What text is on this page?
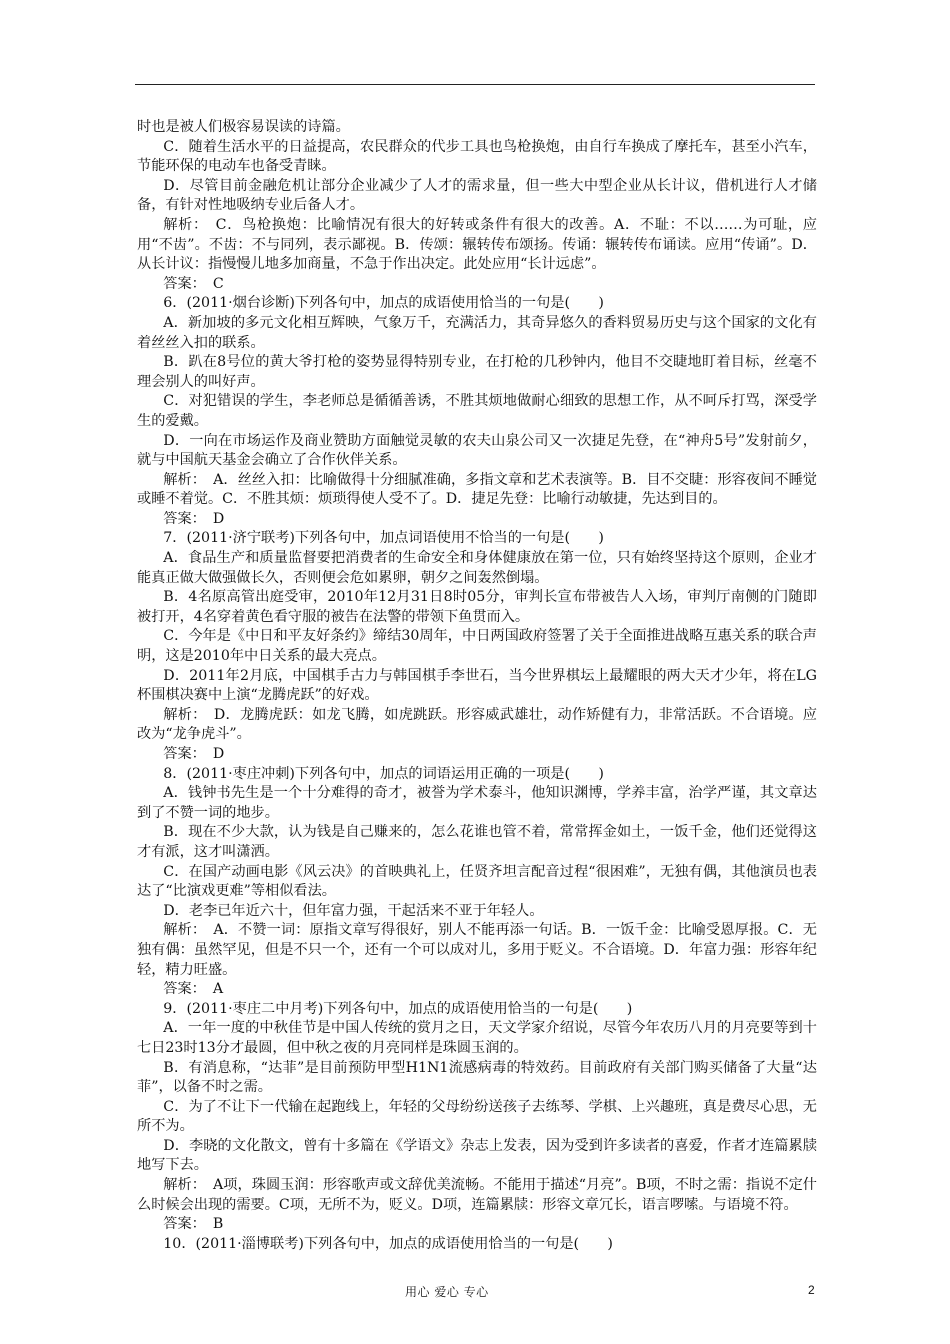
时也是被人们极容易误读的诗篇。

C．随着生活水平的日益提高，农民群众的代步工具也鸟枪换炮，由自行车换成了摩托车，甚至小汽车，节能环保的电动车也备受青睐。

D．尽管目前金融危机让部分企业减少了人才的需求量，但一些大中型企业从长计议，借机进行人才储备，有针对性地吸纳专业后备人才。

解析：　C．鸟枪换炮：比喻情况有很大的好转或条件有很大的改善。A．不耻：不以……为可耻，应用“不齿”。不齿：不与同列，表示鄙视。B．传颂：辗转传布颂扬。传诵：辗转传布诵读。应用“传诵”。D．从长计议：指慢慢儿地多加商量，不急于作出决定。此处应用“长计远虑”。

答案：　C

6．(2011·烟台诊断)下列各句中，加点的成语使用恰当的一句是(　　)

A．新加坡的多元文化相互辉映，气象万千，充满活力，其奇异悠久的香料贸易历史与这个国家的文化有着丝丝入扣的联系。

B．趴在8号位的黄大爷打枪的姿势显得特别专业，在打枪的几秒钟内，他目不交睫地盯着目标，丝毫不理会别人的叫好声。

C．对犯错误的学生，李老师总是循循善诱，不胜其烦地做耐心细致的思想工作，从不呵斥打骂，深受学生的爱戴。

D．一向在市场运作及商业赞助方面触觉灵敏的农夫山泉公司又一次捷足先登，在“神舟5号”发射前夕，就与中国航天基金会确立了合作伙伴关系。

解析：　A．丝丝入扣：比喻做得十分细腻准确，多指文章和艺术表演等。B．目不交睫：形容夜间不睡觉或睡不着觉。C．不胜其烦：烦琐得使人受不了。D．捷足先登：比喻行动敏捷，先达到目的。

答案：　D

7．(2011·济宁联考)下列各句中，加点词语使用不恰当的一句是(　　)

A．食品生产和质量监督要把消费者的生命安全和身体健康放在第一位，只有始终坚持这个原则，企业才能真正做大做强做长久，否则便会危如累卵，朝夕之间轰然倒塌。

B．4名原高管出庭受审，2010年12月31日8时05分，审判长宣布带被告人入场，审判厅南侧的门随即被打开，4名穿着黄色看守服的被告在法警的带领下鱼贯而入。

C．今年是《中日和平友好条约》缔结30周年，中日两国政府签署了关于全面推进战略互惠关系的联合声明，这是2010年中日关系的最大亮点。

D．2011年2月底，中国棋手古力与韩国棋手李世石，当今世界棋坛上最耀眼的两大天才少年，将在LG杯围棋决赛中上演“龙腾虎跃”的好戏。

解析：　D．龙腾虎跃：如龙飞腾，如虎跳跃。形容威武雄壮，动作矫健有力，非常活跃。不合语境。应改为“龙争虎斗”。

答案：　D

8．(2011·枣庄冲刺)下列各句中，加点的词语运用正确的一项是(　　)

A．钱钟书先生是一个十分难得的奇才，被誉为学术泰斗，他知识渊博，学养丰富，治学严谨，其文章达到了不赞一词的地步。

B．现在不少大款，认为钱是自己赚来的，怎么花谁也管不着，常常挥金如土，一饭千金，他们还觉得这才有派，这才叫潇洒。

C．在国产动画电影《风云决》的首映典礼上，任贤齐坦言配音过程“很困难”，无独有偶，其他演员也表达了“比演戏更难”等相似看法。

D．老李已年近六十，但年富力强，干起活来不亚于年轻人。

解析：　A．不赞一词：原指文章写得很好，别人不能再添一句话。B．一饭千金：比喻受恩厚报。C．无独有偶：虽然罕见，但是不只一个，还有一个可以成对儿，多用于贬义。不合语境。D．年富力强：形容年纪轻，精力旺盛。

答案：　A

9．(2011·枣庄二中月考)下列各句中，加点的成语使用恰当的一句是(　　)

A．一年一度的中秋佳节是中国人传统的赏月之日，天文学家介绍说，尽管今年农历八月的月亮要等到十七日23时13分才最圆，但中秋之夜的月亮同样是珠圆玉润的。

B．有消息称，“达菲”是目前预防甲型H1N1流感病毒的特效药。目前政府有关部门购买储备了大量“达菲”，以备不时之需。

C．为了不让下一代输在起跑线上，年轻的父母纷纷送孩子去练琴、学棋、上兴趣班，真是费尽心思，无所不为。

D．李晓的文化散文，曾有十多篇在《学语文》杂志上发表，因为受到许多读者的喜爱，作者才连篇累牍地写下去。

解析：　A项，珠圆玉润：形容歌声或文辞优美流畅。不能用于描述“月亮”。B项，不时之需：指说不定什么时候会出现的需要。C项，无所不为，贬义。D项，连篇累牍：形容文章冗长，语言啰嗦。与语境不符。

答案：　B

10．(2011·淄博联考)下列各句中，加点的成语使用恰当的一句是(　　)

用心 爱心 专心	2
